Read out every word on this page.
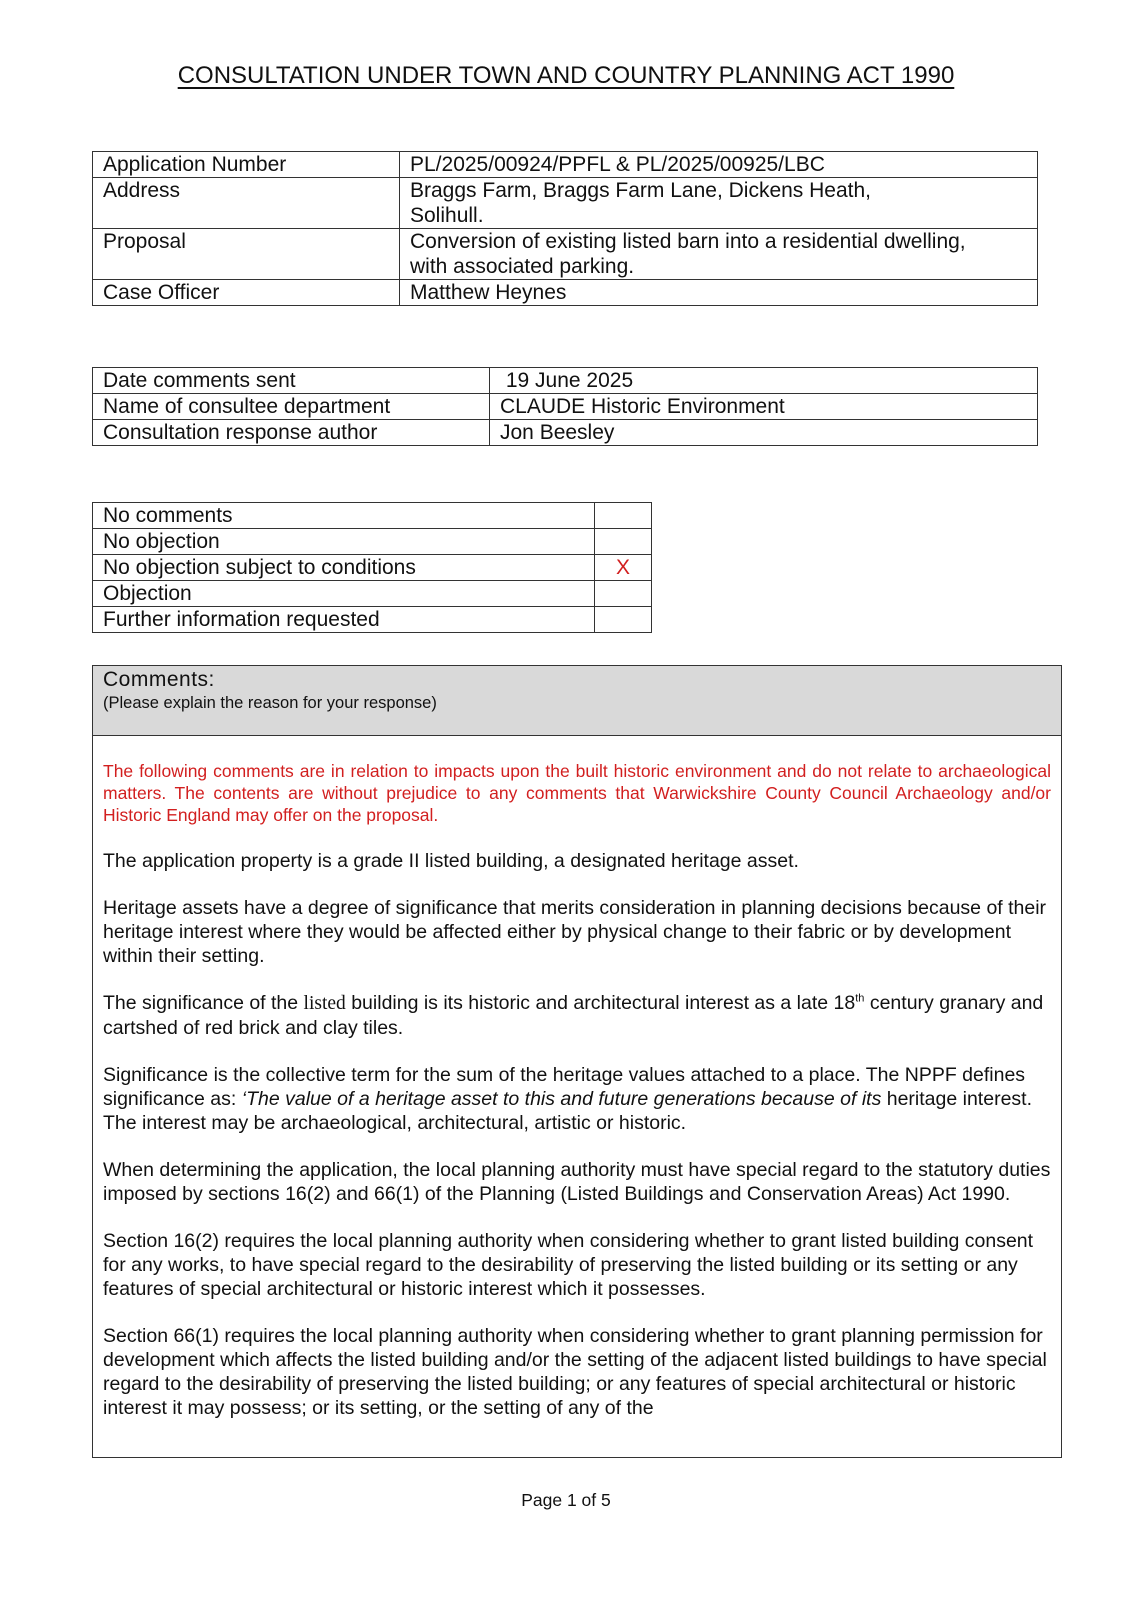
CONSULTATION UNDER TOWN AND COUNTRY PLANNING ACT 1990
Application Number	PL/2025/00924/PPFL & PL/2025/00925/LBC
Address	Braggs Farm, Braggs Farm Lane, Dickens Heath, Solihull.
Proposal	Conversion of existing listed barn into a residential dwelling, with associated parking.
Case Officer	Matthew Heynes
Date comments sent	19 June 2025
Name of consultee department	CLAUDE Historic Environment
Consultation response author	Jon Beesley
No comments	
No objection	
No objection subject to conditions	X
Objection	
Further information requested	
Comments:
(Please explain the reason for your response)

The following comments are in relation to impacts upon the built historic environment and do not relate to archaeological matters. The contents are without prejudice to any comments that Warwickshire County Council Archaeology and/or Historic England may offer on the proposal.

The application property is a grade II listed building, a designated heritage asset.

Heritage assets have a degree of significance that merits consideration in planning decisions because of their heritage interest where they would be affected either by physical change to their fabric or by development within their setting.

The significance of the listed building is its historic and architectural interest as a late 18th century granary and cartshed of red brick and clay tiles.

Significance is the collective term for the sum of the heritage values attached to a place. The NPPF defines significance as: ‘The value of a heritage asset to this and future generations because of its heritage interest. The interest may be archaeological, architectural, artistic or historic.

When determining the application, the local planning authority must have special regard to the statutory duties imposed by sections 16(2) and 66(1) of the Planning (Listed Buildings and Conservation Areas) Act 1990.

Section 16(2) requires the local planning authority when considering whether to grant listed building consent for any works, to have special regard to the desirability of preserving the listed building or its setting or any features of special architectural or historic interest which it possesses.

Section 66(1) requires the local planning authority when considering whether to grant planning permission for development which affects the listed building and/or the setting of the adjacent listed buildings to have special regard to the desirability of preserving the listed building; or any features of special architectural or historic interest it may possess; or its setting, or the setting of any of the

Page 1 of 5
